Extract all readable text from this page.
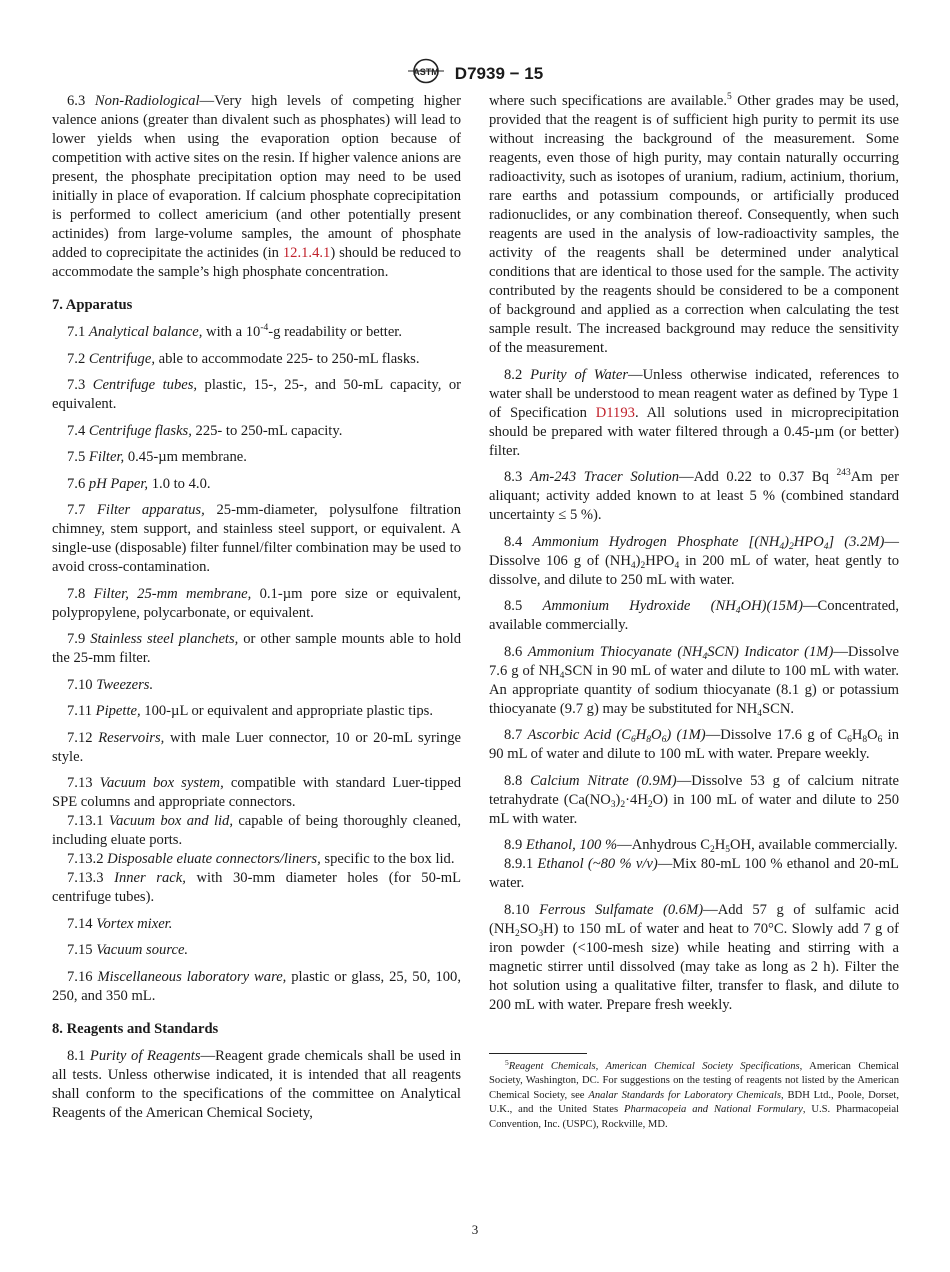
ASTM D7939 − 15

6.3 Non-Radiological—Very high levels of competing higher valence anions (greater than divalent such as phosphates) will lead to lower yields when using the evaporation option because of competition with active sites on the resin. If higher valence anions are present, the phosphate precipitation option may need to be used initially in place of evaporation. If calcium phosphate coprecipitation is performed to collect americium (and other potentially present actinides) from large-volume samples, the amount of phosphate added to coprecipitate the actinides (in 12.1.4.1) should be reduced to accommodate the sample’s high phosphate concentration.

7. Apparatus

7.1 Analytical balance, with a $10^{-4}-g$ readability or better.

7.2 Centrifuge, able to accommodate 225- to 250-mL flasks.

7.3 Centrifuge tubes, plastic, 15-, 25-, and 50-mL capacity, or equivalent.

7.4 Centrifuge flasks, 225- to 250-mL capacity.

7.5 Filter, 0.45-µm membrane.

7.6 pH Paper, 1.0 to 4.0.

7.7 Filter apparatus, 25-mm-diameter, polysulfone filtration chimney, stem support, and stainless steel support, or equivalent. A single-use (disposable) filter funnel/filter combination may be used to avoid cross-contamination.

7.8 Filter, 25-mm membrane, 0.1-µm pore size or equivalent, polypropylene, polycarbonate, or equivalent.

7.9 Stainless steel planchets, or other sample mounts able to hold the 25-mm filter.

7.10 Tweezers.

7.11 Pipette, 100-µL or equivalent and appropriate plastic tips.

7.12 Reservoirs, with male Luer connector, 10 or 20-mL syringe style.

7.13 Vacuum box system, compatible with standard Luer-tipped SPE columns and appropriate connectors.

7.13.1 Vacuum box and lid, capable of being thoroughly cleaned, including eluate ports.

7.13.2 Disposable eluate connectors/liners, specific to the box lid.

7.13.3 Inner rack, with 30-mm diameter holes (for 50-mL centrifuge tubes).

7.14 Vortex mixer.

7.15 Vacuum source.

7.16 Miscellaneous laboratory ware, plastic or glass, 25, 50, 100, 250, and 350 mL.

8. Reagents and Standards

8.1 Purity of Reagents—Reagent grade chemicals shall be used in all tests. Unless otherwise indicated, it is intended that all reagents shall conform to the specifications of the committee on Analytical Reagents of the American Chemical Society,

where such specifications are available.$^5$ Other grades may be used, provided that the reagent is of sufficient high purity to permit its use without increasing the background of the measurement. Some reagents, even those of high purity, may contain naturally occurring radioactivity, such as isotopes of uranium, radium, actinium, thorium, rare earths and potassium compounds, or artificially produced radionuclides, or any combination thereof. Consequently, when such reagents are used in the analysis of low-radioactivity samples, the activity of the reagents shall be determined under analytical conditions that are identical to those used for the sample. The activity contributed by the reagents should be considered to be a component of background and applied as a correction when calculating the test sample result. The increased background may reduce the sensitivity of the measurement.

8.2 Purity of Water—Unless otherwise indicated, references to water shall be understood to mean reagent water as defined by Type 1 of Specification D1193. All solutions used in microprecipitation should be prepared with water filtered through a 0.45-µm (or better) filter.

8.3 Am-243 Tracer Solution—Add 0.22 to 0.37 Bq $^{243}$Am per aliquant; activity added known to at least 5 % (combined standard uncertainty ≤ 5 %).

8.4 Ammonium Hydrogen Phosphate $[(NH_4)_2HPO_4]$ (3.2M)—Dissolve 106 g of $(NH_4)_2HPO_4$ in 200 mL of water, heat gently to dissolve, and dilute to 250 mL with water.

8.5 Ammonium Hydroxide $(NH_4OH)(15M)—Concentrated$, available commercially.

8.6 Ammonium Thiocyanate $(NH_4SCN)$ Indicator (1M)—Dissolve 7.6 g of $NH_4SCN$ in 90 mL of water and dilute to 100 mL with water. An appropriate quantity of sodium thiocyanate (8.1 g) or potassium thiocyanate (9.7 g) may be substituted for $NH_4SCN$.

8.7 Ascorbic Acid $(C_6H_8O_6)$ (1M)—Dissolve 17.6 g of $C_6H_8O_6$ in 90 mL of water and dilute to 100 mL with water. Prepare weekly.

8.8 Calcium Nitrate (0.9M)—Dissolve 53 g of calcium nitrate tetrahydrate $(Ca(NO_3)_2\cdot 4H_2O)$ in 100 mL of water and dilute to 250 mL with water.

8.9 Ethanol, 100 %—Anhydrous $C_2H_5OH$, available commercially.

8.9.1 Ethanol (~80 % v/v)—Mix 80-mL 100 % ethanol and 20-mL water.

8.10 Ferrous Sulfamate (0.6M)—Add 57 g of sulfamic acid $(NH_2SO_3H)$ to 150 mL of water and heat to 70°C. Slowly add 7 g of iron powder (<100-mesh size) while heating and stirring with a magnetic stirrer until dissolved (may take as long as 2 h). Filter the hot solution using a qualitative filter, transfer to flask, and dilute to 200 mL with water. Prepare fresh weekly.

$^5$Reagent Chemicals, American Chemical Society Specifications, American Chemical Society, Washington, DC. For suggestions on the testing of reagents not listed by the American Chemical Society, see Analar Standards for Laboratory Chemicals, BDH Ltd., Poole, Dorset, U.K., and the United States Pharmacopeia and National Formulary, U.S. Pharmacopeial Convention, Inc. (USPC), Rockville, MD.

3
